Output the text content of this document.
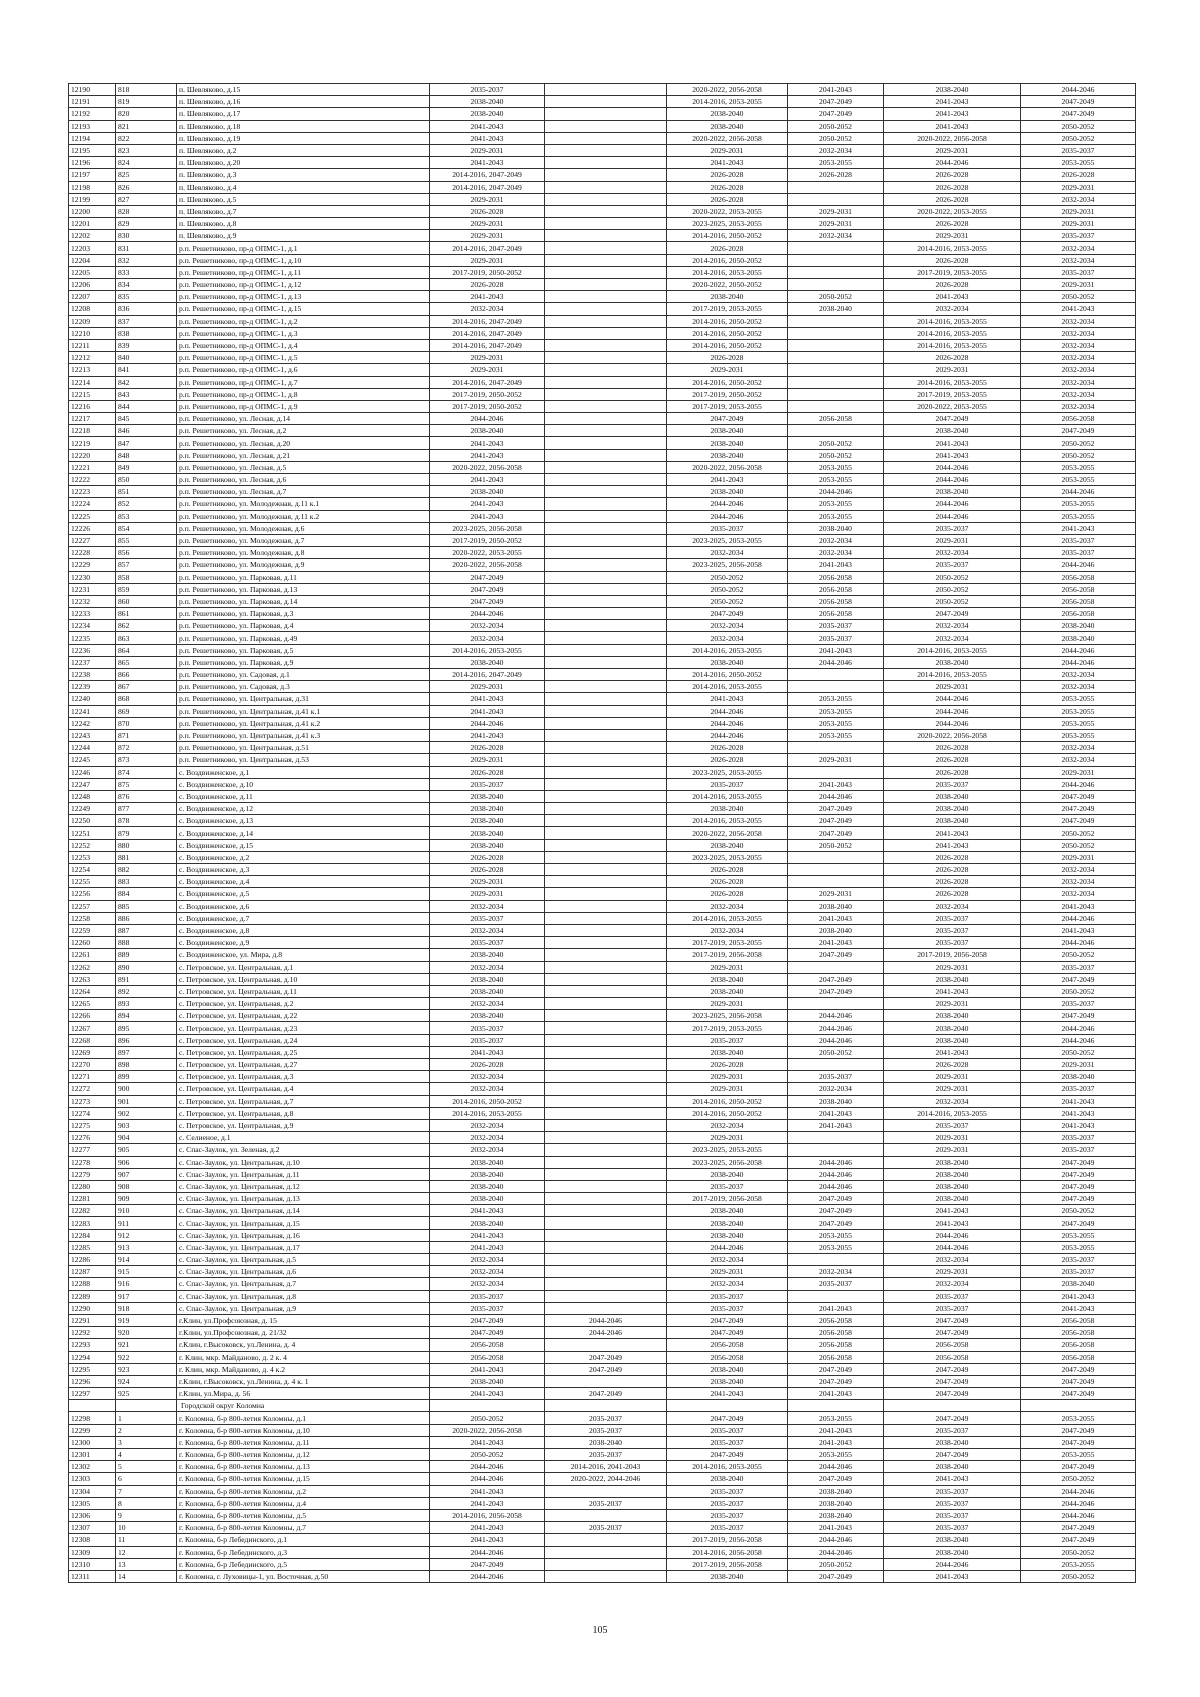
12190	818	п. Шевляково, д.15	2035-2037		2020-2022, 2056-2058	2041-2043	2038-2040	2044-2046
12191	819	п. Шевляково, д.16	2038-2040		2014-2016, 2053-2055	2047-2049	2041-2043	2047-2049
12192	820	п. Шевляково, д.17	2038-2040		2038-2040	2047-2049	2041-2043	2047-2049
12193	821	п. Шевляково, д.18	2041-2043		2038-2040	2050-2052	2041-2043	2050-2052
12194	822	п. Шевляково, д.19	2041-2043		2020-2022, 2056-2058	2050-2052	2020-2022, 2056-2058	2050-2052
12195	823	п. Шевляково, д.2	2029-2031		2029-2031	2032-2034	2029-2031	2035-2037
12196	824	п. Шевляково, д.20	2041-2043		2041-2043	2053-2055	2044-2046	2053-2055
12197	825	п. Шевляково, д.3	2014-2016, 2047-2049		2026-2028	2026-2028	2026-2028	2026-2028
12198	826	п. Шевляково, д.4	2014-2016, 2047-2049		2026-2028		2026-2028	2029-2031
12199	827	п. Шевляково, д.5	2029-2031		2026-2028		2026-2028	2032-2034
12200	828	п. Шевляково, д.7	2026-2028		2020-2022, 2053-2055	2029-2031	2020-2022, 2053-2055	2029-2031
12201	829	п. Шевляково, д.8	2029-2031		2023-2025, 2053-2055	2029-2031	2026-2028	2029-2031
12202	830	п. Шевляково, д.9	2029-2031		2014-2016, 2050-2052	2032-2034	2029-2031	2035-2037
12203	831	р.п. Решетниково, пр-д ОПМС-1, д.1	2014-2016, 2047-2049		2026-2028		2014-2016, 2053-2055	2032-2034
12204	832	р.п. Решетниково, пр-д ОПМС-1, д.10	2029-2031		2014-2016, 2050-2052		2026-2028	2032-2034
12205	833	р.п. Решетниково, пр-д ОПМС-1, д.11	2017-2019, 2050-2052		2014-2016, 2053-2055		2017-2019, 2053-2055	2035-2037
12206	834	р.п. Решетниково, пр-д ОПМС-1, д.12	2026-2028		2020-2022, 2050-2052		2026-2028	2029-2031
12207	835	р.п. Решетниково, пр-д ОПМС-1, д.13	2041-2043		2038-2040	2050-2052	2041-2043	2050-2052
12208	836	р.п. Решетниково, пр-д ОПМС-1, д.15	2032-2034		2017-2019, 2053-2055	2038-2040	2032-2034	2041-2043
12209	837	р.п. Решетниково, пр-д ОПМС-1, д.2	2014-2016, 2047-2049		2014-2016, 2050-2052		2014-2016, 2053-2055	2032-2034
12210	838	р.п. Решетниково, пр-д ОПМС-1, д.3	2014-2016, 2047-2049		2014-2016, 2050-2052		2014-2016, 2053-2055	2032-2034
12211	839	р.п. Решетниково, пр-д ОПМС-1, д.4	2014-2016, 2047-2049		2014-2016, 2050-2052		2014-2016, 2053-2055	2032-2034
12212	840	р.п. Решетниково, пр-д ОПМС-1, д.5	2029-2031		2026-2028		2026-2028	2032-2034
12213	841	р.п. Решетниково, пр-д ОПМС-1, д.6	2029-2031		2029-2031		2029-2031	2032-2034
12214	842	р.п. Решетниково, пр-д ОПМС-1, д.7	2014-2016, 2047-2049		2014-2016, 2050-2052		2014-2016, 2053-2055	2032-2034
12215	843	р.п. Решетниково, пр-д ОПМС-1, д.8	2017-2019, 2050-2052		2017-2019, 2050-2052		2017-2019, 2053-2055	2032-2034
12216	844	р.п. Решетниково, пр-д ОПМС-1, д.9	2017-2019, 2050-2052		2017-2019, 2053-2055		2020-2022, 2053-2055	2032-2034
12217	845	р.п. Решетниково, ул. Лесная, д.14	2044-2046		2047-2049	2056-2058	2047-2049	2056-2058
12218	846	р.п. Решетниково, ул. Лесная, д.2	2038-2040		2038-2040		2038-2040	2047-2049
12219	847	р.п. Решетниково, ул. Лесная, д.20	2041-2043		2038-2040	2050-2052	2041-2043	2050-2052
12220	848	р.п. Решетниково, ул. Лесная, д.21	2041-2043		2038-2040	2050-2052	2041-2043	2050-2052
12221	849	р.п. Решетниково, ул. Лесная, д.5	2020-2022, 2056-2058		2020-2022, 2056-2058	2053-2055	2044-2046	2053-2055
12222	850	р.п. Решетниково, ул. Лесная, д.6	2041-2043		2041-2043	2053-2055	2044-2046	2053-2055
12223	851	р.п. Решетниково, ул. Лесная, д.7	2038-2040		2038-2040	2044-2046	2038-2040	2044-2046
12224	852	р.п. Решетниково, ул. Молодежная, д.11 к.1	2041-2043		2044-2046	2053-2055	2044-2046	2053-2055
12225	853	р.п. Решетниково, ул. Молодежная, д.11 к.2	2041-2043		2044-2046	2053-2055	2044-2046	2053-2055
12226	854	р.п. Решетниково, ул. Молодежная, д.6	2023-2025, 2056-2058		2035-2037	2038-2040	2035-2037	2041-2043
12227	855	р.п. Решетниково, ул. Молодежная, д.7	2017-2019, 2050-2052		2023-2025, 2053-2055	2032-2034	2029-2031	2035-2037
12228	856	р.п. Решетниково, ул. Молодежная, д.8	2020-2022, 2053-2055		2032-2034	2032-2034	2032-2034	2035-2037
12229	857	р.п. Решетниково, ул. Молодежная, д.9	2020-2022, 2056-2058		2023-2025, 2056-2058	2041-2043	2035-2037	2044-2046
12230	858	р.п. Решетниково, ул. Парковая, д.11	2047-2049		2050-2052	2056-2058	2050-2052	2056-2058
12231	859	р.п. Решетниково, ул. Парковая, д.13	2047-2049		2050-2052	2056-2058	2050-2052	2056-2058
12232	860	р.п. Решетниково, ул. Парковая, д.14	2047-2049		2050-2052	2056-2058	2050-2052	2056-2058
12233	861	р.п. Решетниково, ул. Парковая, д.3	2044-2046		2047-2049	2056-2058	2047-2049	2056-2058
12234	862	р.п. Решетниково, ул. Парковая, д.4	2032-2034		2032-2034	2035-2037	2032-2034	2038-2040
12235	863	р.п. Решетниково, ул. Парковая, д.49	2032-2034		2032-2034	2035-2037	2032-2034	2038-2040
12236	864	р.п. Решетниково, ул. Парковая, д.5	2014-2016, 2053-2055		2014-2016, 2053-2055	2041-2043	2014-2016, 2053-2055	2044-2046
12237	865	р.п. Решетниково, ул. Парковая, д.9	2038-2040		2038-2040	2044-2046	2038-2040	2044-2046
12238	866	р.п. Решетниково, ул. Садовая, д.1	2014-2016, 2047-2049		2014-2016, 2050-2052		2014-2016, 2053-2055	2032-2034
12239	867	р.п. Решетниково, ул. Садовая, д.3	2029-2031		2014-2016, 2053-2055		2029-2031	2032-2034
12240	868	р.п. Решетниково, ул. Центральная, д.31	2041-2043		2041-2043	2053-2055	2044-2046	2053-2055
12241	869	р.п. Решетниково, ул. Центральная, д.41 к.1	2041-2043		2044-2046	2053-2055	2044-2046	2053-2055
12242	870	р.п. Решетниково, ул. Центральная, д.41 к.2	2044-2046		2044-2046	2053-2055	2044-2046	2053-2055
12243	871	р.п. Решетниково, ул. Центральная, д.41 к.3	2041-2043		2044-2046	2053-2055	2020-2022, 2056-2058	2053-2055
12244	872	р.п. Решетниково, ул. Центральная, д.51	2026-2028		2026-2028		2026-2028	2032-2034
12245	873	р.п. Решетниково, ул. Центральная, д.53	2029-2031		2026-2028	2029-2031	2026-2028	2032-2034
12246	874	с. Воздвиженское, д.1	2026-2028		2023-2025, 2053-2055		2026-2028	2029-2031
12247	875	с. Воздвиженское, д.10	2035-2037		2035-2037	2041-2043	2035-2037	2044-2046
12248	876	с. Воздвиженское, д.11	2038-2040		2014-2016, 2053-2055	2044-2046	2038-2040	2047-2049
12249	877	с. Воздвиженское, д.12	2038-2040		2038-2040	2047-2049	2038-2040	2047-2049
12250	878	с. Воздвиженское, д.13	2038-2040		2014-2016, 2053-2055	2047-2049	2038-2040	2047-2049
12251	879	с. Воздвиженское, д.14	2038-2040		2020-2022, 2056-2058	2047-2049	2041-2043	2050-2052
12252	880	с. Воздвиженское, д.15	2038-2040		2038-2040	2050-2052	2041-2043	2050-2052
12253	881	с. Воздвиженское, д.2	2026-2028		2023-2025, 2053-2055		2026-2028	2029-2031
12254	882	с. Воздвиженское, д.3	2026-2028		2026-2028		2026-2028	2032-2034
12255	883	с. Воздвиженское, д.4	2029-2031		2026-2028		2026-2028	2032-2034
12256	884	с. Воздвиженское, д.5	2029-2031		2026-2028	2029-2031	2026-2028	2032-2034
12257	885	с. Воздвиженское, д.6	2032-2034		2032-2034	2038-2040	2032-2034	2041-2043
12258	886	с. Воздвиженское, д.7	2035-2037		2014-2016, 2053-2055	2041-2043	2035-2037	2044-2046
12259	887	с. Воздвиженское, д.8	2032-2034		2032-2034	2038-2040	2035-2037	2041-2043
12260	888	с. Воздвиженское, д.9	2035-2037		2017-2019, 2053-2055	2041-2043	2035-2037	2044-2046
12261	889	с. Воздвиженское, ул. Мира, д.8	2038-2040		2017-2019, 2056-2058	2047-2049	2017-2019, 2056-2058	2050-2052
12262	890	с. Петровское, ул. Центральная, д.1	2032-2034		2029-2031		2029-2031	2035-2037
12263	891	с. Петровское, ул. Центральная, д.10	2038-2040		2038-2040	2047-2049	2038-2040	2047-2049
12264	892	с. Петровское, ул. Центральная, д.11	2038-2040		2038-2040	2047-2049	2041-2043	2050-2052
12265	893	с. Петровское, ул. Центральная, д.2	2032-2034		2029-2031		2029-2031	2035-2037
12266	894	с. Петровское, ул. Центральная, д.22	2038-2040		2023-2025, 2056-2058	2044-2046	2038-2040	2047-2049
12267	895	с. Петровское, ул. Центральная, д.23	2035-2037		2017-2019, 2053-2055	2044-2046	2038-2040	2044-2046
12268	896	с. Петровское, ул. Центральная, д.24	2035-2037		2035-2037	2044-2046	2038-2040	2044-2046
12269	897	с. Петровское, ул. Центральная, д.25	2041-2043		2038-2040	2050-2052	2041-2043	2050-2052
12270	898	с. Петровское, ул. Центральная, д.27	2026-2028		2026-2028		2026-2028	2029-2031
12271	899	с. Петровское, ул. Центральная, д.3	2032-2034		2029-2031	2035-2037	2029-2031	2038-2040
12272	900	с. Петровское, ул. Центральная, д.4	2032-2034		2029-2031	2032-2034	2029-2031	2035-2037
12273	901	с. Петровское, ул. Центральная, д.7	2014-2016, 2050-2052		2014-2016, 2050-2052	2038-2040	2032-2034	2041-2043
12274	902	с. Петровское, ул. Центральная, д.8	2014-2016, 2053-2055		2014-2016, 2050-2052	2041-2043	2014-2016, 2053-2055	2041-2043
12275	903	с. Петровское, ул. Центральная, д.9	2032-2034		2032-2034	2041-2043	2035-2037	2041-2043
12276	904	с. Селиеное, д.1	2032-2034		2029-2031		2029-2031	2035-2037
12277	905	с. Спас-Заулок, ул. Зеленая, д.2	2032-2034		2023-2025, 2053-2055		2029-2031	2035-2037
12278	906	с. Спас-Заулок, ул. Центральная, д.10	2038-2040		2023-2025, 2056-2058	2044-2046	2038-2040	2047-2049
12279	907	с. Спас-Заулок, ул. Центральная, д.11	2038-2040		2038-2040	2044-2046	2038-2040	2047-2049
12280	908	с. Спас-Заулок, ул. Центральная, д.12	2038-2040		2035-2037	2044-2046	2038-2040	2047-2049
12281	909	с. Спас-Заулок, ул. Центральная, д.13	2038-2040		2017-2019, 2056-2058	2047-2049	2038-2040	2047-2049
12282	910	с. Спас-Заулок, ул. Центральная, д.14	2041-2043		2038-2040	2047-2049	2041-2043	2050-2052
12283	911	с. Спас-Заулок, ул. Центральная, д.15	2038-2040		2038-2040	2047-2049	2041-2043	2047-2049
12284	912	с. Спас-Заулок, ул. Центральная, д.16	2041-2043		2038-2040	2053-2055	2044-2046	2053-2055
12285	913	с. Спас-Заулок, ул. Центральная, д.17	2041-2043		2044-2046	2053-2055	2044-2046	2053-2055
12286	914	с. Спас-Заулок, ул. Центральная, д.5	2032-2034		2032-2034		2032-2034	2035-2037
12287	915	с. Спас-Заулок, ул. Центральная, д.6	2032-2034		2029-2031	2032-2034	2029-2031	2035-2037
12288	916	с. Спас-Заулок, ул. Центральная, д.7	2032-2034		2032-2034	2035-2037	2032-2034	2038-2040
12289	917	с. Спас-Заулок, ул. Центральная, д.8	2035-2037		2035-2037		2035-2037	2041-2043
12290	918	с. Спас-Заулок, ул. Центральная, д.9	2035-2037		2035-2037	2041-2043	2035-2037	2041-2043
12291	919	г.Клин, ул.Профсоюзная, д. 15	2047-2049	2044-2046	2047-2049	2056-2058	2047-2049	2056-2058
12292	920	г.Клин, ул.Профсоюзная, д. 21/32	2047-2049	2044-2046	2047-2049	2056-2058	2047-2049	2056-2058
12293	921	г.Клин, г.Высоковск, ул.Ленина, д. 4	2056-2058		2056-2058	2056-2058	2056-2058	2056-2058
12294	922	г. Клин, мкр. Майданово, д. 2 к. 4	2056-2058	2047-2049	2056-2058	2056-2058	2056-2058	2056-2058
12295	923	г. Клин, мкр. Майданово, д. 4 к.2	2041-2043	2047-2049	2038-2040	2047-2049	2047-2049	2047-2049
12296	924	г.Клин, г.Высоковск, ул.Ленина, д. 4 к. 1	2038-2040		2038-2040	2047-2049	2047-2049	2047-2049
12297	925	г.Клин, ул.Мира, д. 56	2041-2043	2047-2049	2041-2043	2041-2043	2047-2049	2047-2049
		Городской округ Коломна						
12298	1	г. Коломна, б-р 800-летия Коломны, д.1	2050-2052	2035-2037	2047-2049	2053-2055	2047-2049	2053-2055
12299	2	г. Коломна, б-р 800-летия Коломны, д.10	2020-2022, 2056-2058	2035-2037	2035-2037	2041-2043	2035-2037	2047-2049
12300	3	г. Коломна, б-р 800-летия Коломны, д.11	2041-2043	2038-2040	2035-2037	2041-2043	2038-2040	2047-2049
12301	4	г. Коломна, б-р 800-летия Коломны, д.12	2050-2052	2035-2037	2047-2049	2053-2055	2047-2049	2053-2055
12302	5	г. Коломна, б-р 800-летия Коломны, д.13	2044-2046	2014-2016, 2041-2043	2014-2016, 2053-2055	2044-2046	2038-2040	2047-2049
12303	6	г. Коломна, б-р 800-летия Коломны, д.15	2044-2046	2020-2022, 2044-2046	2038-2040	2047-2049	2041-2043	2050-2052
12304	7	г. Коломна, б-р 800-летия Коломны, д.2	2041-2043		2035-2037	2038-2040	2035-2037	2044-2046
12305	8	г. Коломна, б-р 800-летия Коломны, д.4	2041-2043	2035-2037	2035-2037	2038-2040	2035-2037	2044-2046
12306	9	г. Коломна, б-р 800-летия Коломны, д.5	2014-2016, 2056-2058		2035-2037	2038-2040	2035-2037	2044-2046
12307	10	г. Коломна, б-р 800-летия Коломны, д.7	2041-2043	2035-2037	2035-2037	2041-2043	2035-2037	2047-2049
12308	11	г. Коломна, б-р Лебединского, д.1	2041-2043		2017-2019, 2056-2058	2044-2046	2038-2040	2047-2049
12309	12	г. Коломна, б-р Лебединского, д.3	2044-2046		2014-2016, 2056-2058	2044-2046	2038-2040	2050-2052
12310	13	г. Коломна, б-р Лебединского, д.5	2047-2049		2017-2019, 2056-2058	2050-2052	2044-2046	2053-2055
12311	14	г. Коломна, г. Луховицы-1, ул. Восточная, д.50	2044-2046		2038-2040	2047-2049	2041-2043	2050-2052
105
